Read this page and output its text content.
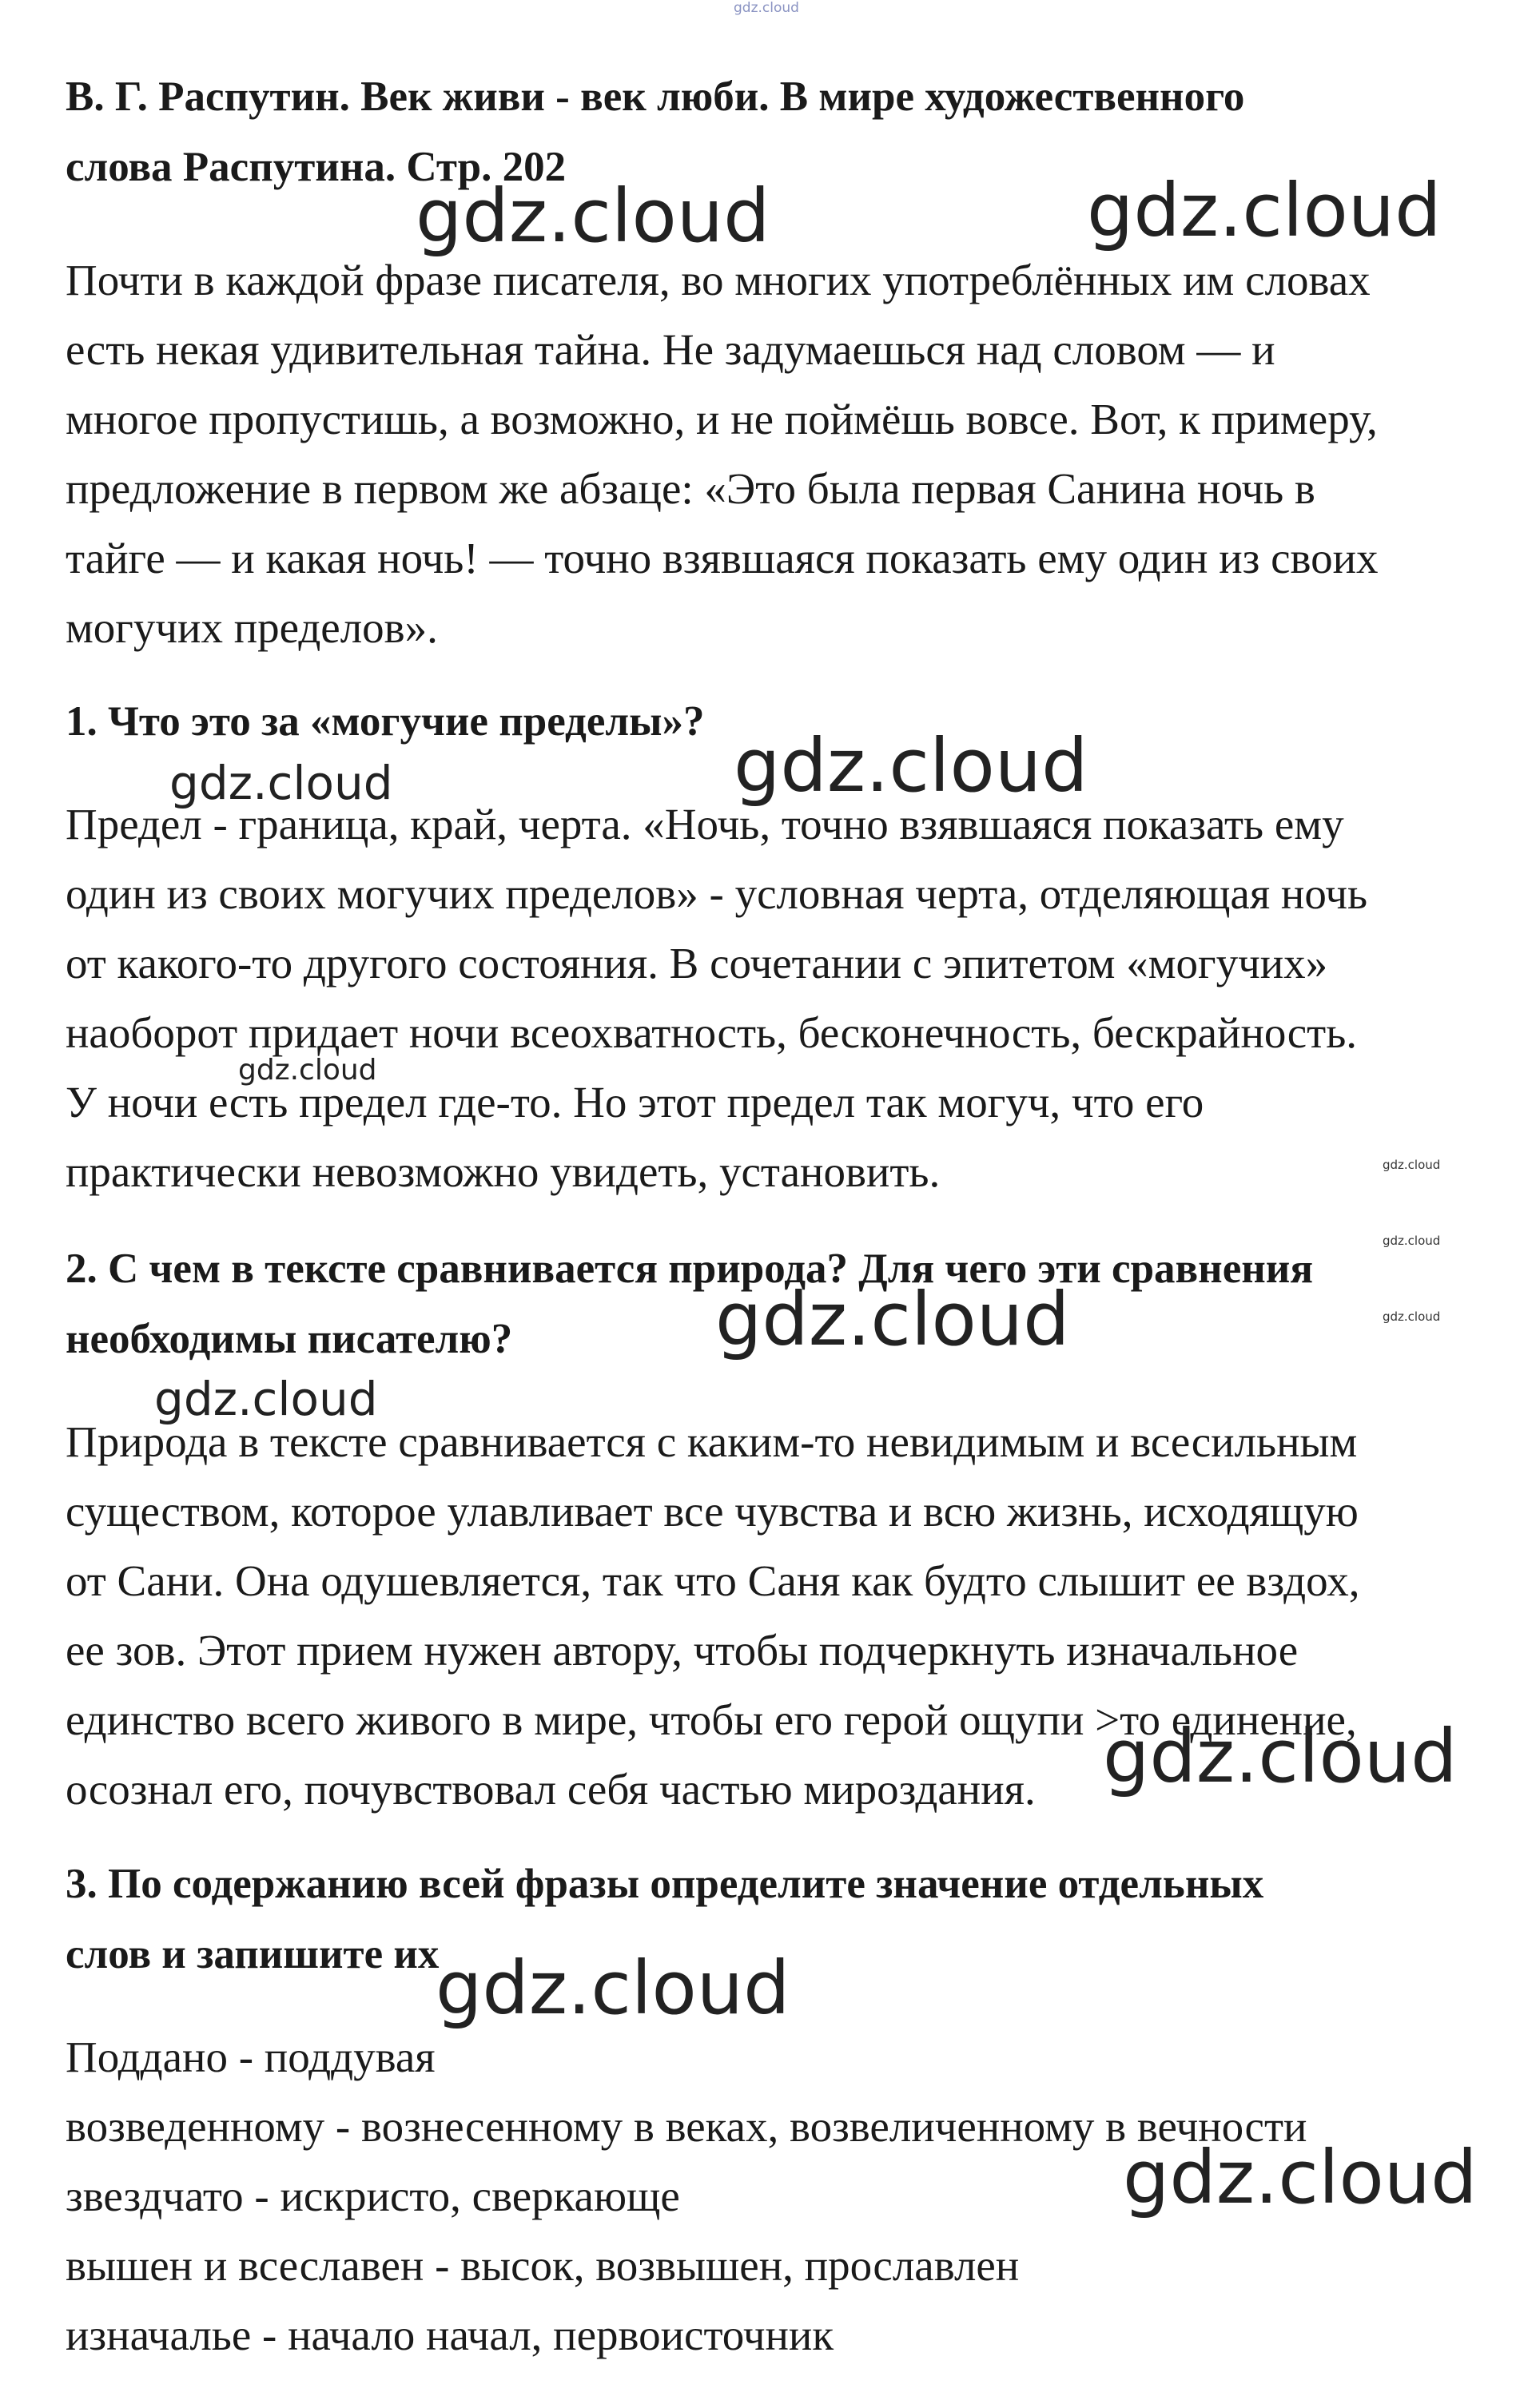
gdz.cloud
В. Г. Распутин. Век живи - век люби. В мире художественного
слова Распутина. Стр. 202
Почти в каждой фразе писателя, во многих употреблённых им словах
есть некая удивительная тайна. Не задумаешься над словом — и
многое пропустишь, а возможно, и не поймёшь вовсе. Вот, к примеру,
предложение в первом же абзаце: «Это была первая Санина ночь в
тайге — и какая ночь! — точно взявшаяся показать ему один из своих
могучих пределов».
1. Что это за «могучие пределы»?
Предел - граница, край, черта. «Ночь, точно взявшаяся показать ему
один из своих могучих пределов» - условная черта, отделяющая ночь
от какого-то другого состояния. В сочетании с эпитетом «могучих»
наоборот придает ночи всеохватность, бесконечность, бескрайность.
У ночи есть предел где-то. Но этот предел так могуч, что его
практически невозможно увидеть, установить.
2. С чем в тексте сравнивается природа? Для чего эти сравнения
необходимы писателю?
Природа в тексте сравнивается с каким-то невидимым и всесильным
существом, которое улавливает все чувства и всю жизнь, исходящую
от Сани. Она одушевляется, так что Саня как будто слышит ее вздох,
ее зов. Этот прием нужен автору, чтобы подчеркнуть изначальное
единство всего живого в мире, чтобы его герой ощупи >то единение,
осознал его, почувствовал себя частью мироздания.
3. По содержанию всей фразы определите значение отдельных
слов и запишите их
Поддано - поддувая
возведенному - вознесенному в веках, возвеличенному в вечности
звездчато - искристо, сверкающе
вышен и всеславен - высок, возвышен, прославлен
изначалье - начало начал, первоисточник
gdz.cloud	gdz.cloud
gdz.cloud
gdz.cloud
gdz.cloud
gdz.cloud
gdz.cloud
gdz.cloud
gdz.cloud
gdz.cloud
gdz.cloud
gdz.cloud
gdz.cloud
